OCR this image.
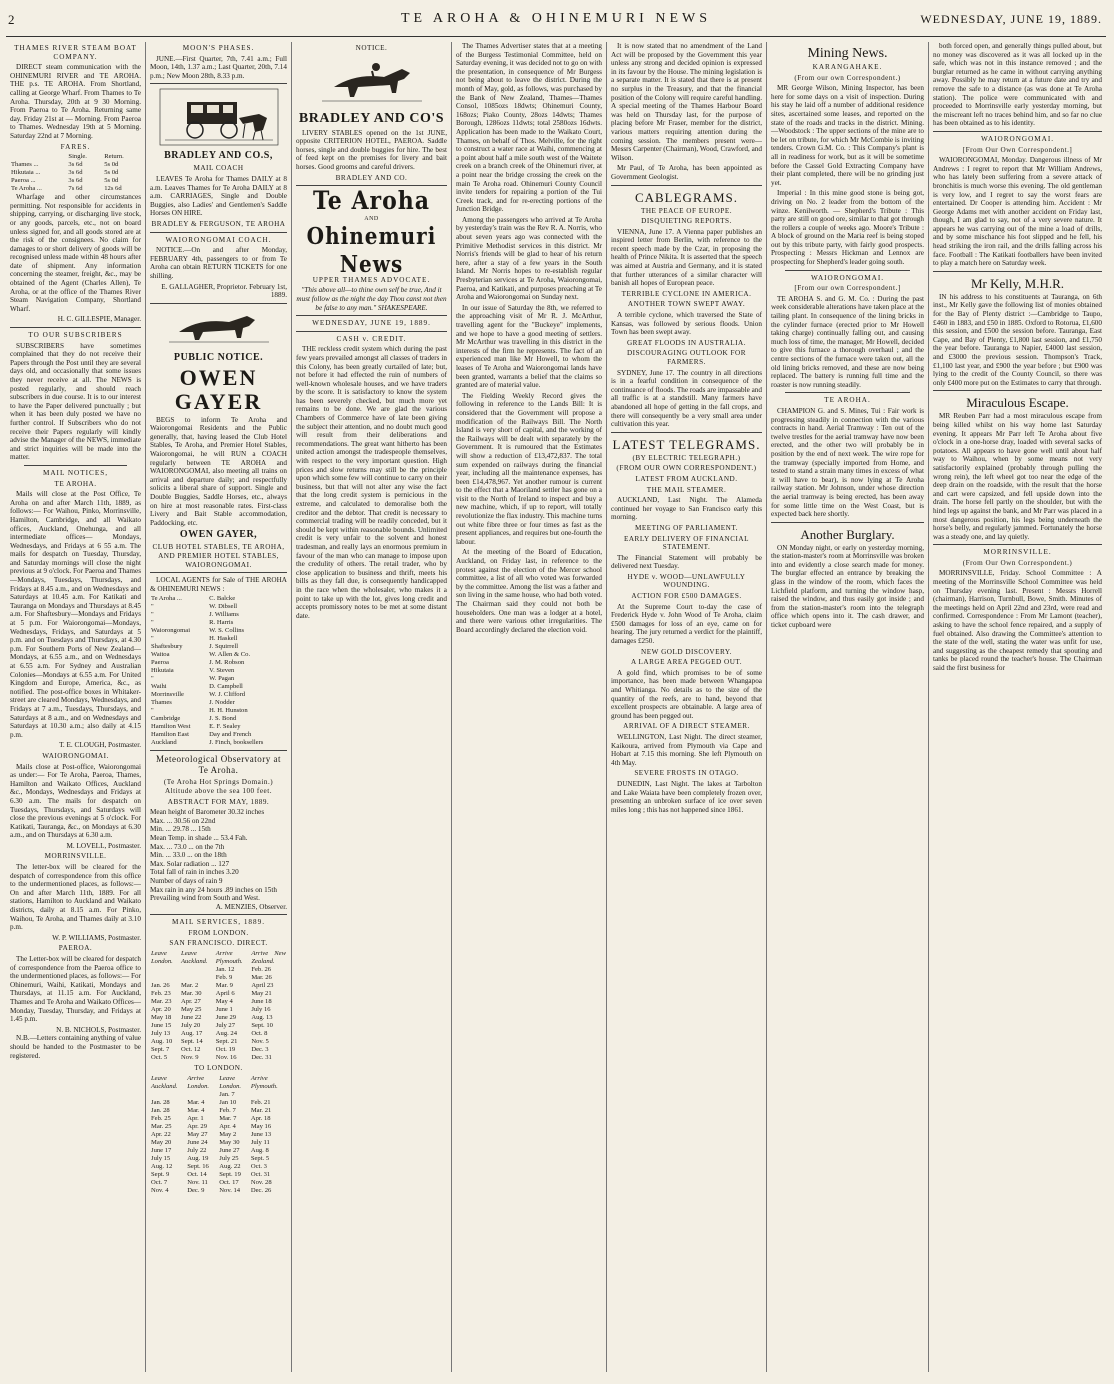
2	TE AROHA & OHINEMURI NEWS	WEDNESDAY, JUNE 19, 1889.
THAMES RIVER STEAM BOAT COMPANY.

DIRECT steam communication with the OHINEMURI RIVER and TE AROHA. THE p.s. TE AROHA. From Shortland, calling at George Wharf. From Thames to Te Aroha. Thursday, 20th at 9 30 Morning. From Paeroa to Te Aroha. Returning same day. Friday 21st at — Morning. From Paeroa to Thames. Wednesday 19th at 5 Morning. Saturday 22nd at 7 Morning.

FARES.
	Single.	Return.
Thames ...	3s 6d	5s 0d
Hikutaia ...	3s 6d	5s 0d
Paeroa ...	3s 6d	5s 0d
Te Aroha ...	7s 6d	12s 6d

Wharfage and other circumstances permitting. Not responsible for accidents in shipping, carrying, or discharging live stock, or any goods, parcels, etc., not on board unless signed for, and all goods stored are at the risk of the consignees. No claim for damages to or short delivery of goods will be recognised unless made within 48 hours after date of shipment. Any information concerning the steamer, freight, &c., may be obtained of the Agent (Charles Allen), Te Aroha, or at the office of the Thames River Steam Navigation Company, Shortland Wharf.

H. C. GILLESPIE, Manager.
TO OUR SUBSCRIBERS

SUBSCRIBERS have sometimes complained that they do not receive their Papers through the Post until they are several days old, and occasionally that some issues they never receive at all. The NEWS is posted regularly, and should reach subscribers in due course. It is to our interest to have the Paper delivered punctually ; but when it has been duly posted we have no further control. If Subscribers who do not receive their Papers regularly will kindly advise the Manager of the NEWS, immediate and strict inquiries will be made into the matter.

MAIL NOTICES,
TE AROHA.

Mails will close at the Post Office, Te Aroha on and after March 11th, 1889, as follows:— For Waihou, Pinko, Morrinsville, Hamilton, Cambridge, and all Waikato offices, Auckland, Onehunga, and all intermediate offices— Mondays, Wednesdays, and Fridays at 6 55 a.m. The mails for despatch on Tuesday, Thursday, and Saturday mornings will close the night previous at 9 o'clock. For Paeroa and Thames—Mondays, Tuesdays, Thursdays, and Fridays at 8.45 a.m., and on Wednesdays and Saturdays at 10.45 a.m. For Katikati and Tauranga on Mondays and Thursdays at 8.45 a.m. For Shaftesbury—Mondays and Fridays at 5 p.m. For Waiorongomai—Mondays, Wednesdays, Fridays, and Saturdays at 5 p.m. and on Tuesdays and Thursdays, at 4.30 p.m. For Southern Ports of New Zealand—Mondays, at 6.55 a.m., and on Wednesdays at 6.55 a.m. For Sydney and Australian Colonies—Mondays at 6.55 a.m. For United Kingdom and Europe, America, &c., as notified. The post-office boxes in Whitaker-street are cleared Mondays, Wednesdays, and Fridays at 7 a.m., Tuesdays, Thursdays, and Saturdays at 8 a.m., and on Wednesdays and Saturdays at 10.30 a.m.; also daily at 4.15 p.m.

T. E. CLOUGH, Postmaster.
WAIORONGOMAI.

Mails close at Post-office, Waiorongomai as under:— For Te Aroha, Paeroa, Thames, Hamilton and Waikato Offices, Auckland &c., Mondays, Wednesdays and Fridays at 6.30 a.m. The mails for despatch on Tuesdays, Thursdays, and Saturdays will close the previous evenings at 5 o'clock. For Katikati, Tauranga, &c., on Mondays at 6.30 a.m., and on Thursdays at 6.30 a.m.

M. LOVELL, Postmaster.
MORRINSVILLE.

The letter-box will be cleared for the despatch of correspondence from this office to the undermentioned places, as follows:— On and after March 11th, 1889. For all stations, Hamilton to Auckland and Waikato districts, daily at 8.15 a.m. For Pinko, Waihou, Te Aroha, and Thames daily at 3.10 p.m.

W. P. WILLIAMS, Postmaster.
PAEROA.

The Letter-box will be cleared for despatch of correspondence from the Paeroa office to the undermentioned places, as follows:— For Ohinemuri, Waihi, Katikati, Mondays and Thursdays, at 11.15 a.m. For Auckland, Thames and Te Aroha and Waikato Offices—Monday, Tuesday, Thursday, and Fridays at 1.45 p.m.

N. B. NICHOLS, Postmaster.

N.B.—Letters containing anything of value should be handed to the Postmaster to be registered.

MOON'S PHASES.

JUNE.—First Quarter, 7th, 7.41 a.m.; Full Moon, 14th, 1.37 a.m.; Last Quarter, 20th, 7.14 p.m.; New Moon 28th, 8.33 p.m.

BRADLEY AND CO.S,
MAIL COACH

LEAVES Te Aroha for Thames DAILY at 8 a.m. Leaves Thames for Te Aroha DAILY at 8 a.m. CARRIAGES, Single and Double Buggies, also Ladies' and Gentlemen's Saddle Horses ON HIRE.

BRADLEY & FERGUSON, TE AROHA
WAIORONGOMAI COACH.

NOTICE.—On and after Monday, FEBRUARY 4th, passengers to or from Te Aroha can obtain RETURN TICKETS for one shilling.

E. GALLAGHER, Proprietor. February 1st, 1889.
PUBLIC NOTICE.
OWEN GAYER

BEGS to inform Te Aroha and Waiorongomai Residents and the Public generally, that, having leased the Club Hotel Stables, Te Aroha, and Premier Hotel Stables, Waiorongomai, he will RUN a COACH regularly between TE AROHA and WAIORONGOMAI, also meeting all trains on arrival and departure daily; and respectfully solicits a liberal share of support. Single and Double Buggies, Saddle Horses, etc., always on hire at most reasonable rates. First-class Livery and Bait Stable accommodation, Paddocking, etc.

OWEN GAYER,
CLUB HOTEL STABLES, TE AROHA, AND PREMIER HOTEL STABLES, WAIORONGOMAI.

LOCAL AGENTS for Sale of THE AROHA & OHINEMURI NEWS :

Te Aroha ...	C. Balcke
"	W. Dibsell
"	J. Williams
"	R. Harris
Waiorongomai	W. S. Collins
"	H. Haskell
Shaftesbury	J. Squirrell
Waitoa	W. Allen & Co.
Paeroa	J. M. Robson
Hikutaia	V. Steven
"	W. Pagan
Waihi	D. Campbell
Morrinsville	W. J. Clifford
Thames	J. Nodder
"	H. H. Hunston
Cambridge	J. S. Bond
Hamilton West	E. F. Sealey
Hamilton East	Day and French
Auckland	J. Finch, booksellers
Meteorological Observatory at Te Aroha.
(Te Aroha Hot Springs Domain.) Altitude above the sea 100 feet.
ABSTRACT FOR MAY, 1889.
Mean height of Barometer 30.32 inches
Max. ... 30.56 on 22nd
Min. ... 29.78 ... 15th
Mean Temp. in shade ... 53.4 Fah.
Max. ... 73.0 ... on the 7th
Min. ... 33.0 ... on the 18th
Max. Solar radiation ... 127
Total fall of rain in inches 3.20
Number of days of rain 9
Max rain in any 24 hours .89 inches on 15th
Prevailing wind from South and West.
A. MENZIES, Observer.
MAIL SERVICES, 1889.
FROM LONDON.
SAN FRANCISCO. DIRECT.
Leave London.	Leave Auckland.	Arrive Plymouth.	Arrive New Zealand.
		Jan. 12	Feb. 26
		Feb. 9	Mar. 26
Jan. 26	Mar. 2	Mar. 9	April 23
Feb. 23	Mar. 30	April 6	May 21
Mar. 23	Apr. 27	May 4	June 18
Apr. 20	May 25	June 1	July 16
May 18	June 22	June 29	Aug. 13
June 15	July 20	July 27	Sept. 10
July 13	Aug. 17	Aug. 24	Oct. 8
Aug. 10	Sept. 14	Sept. 21	Nov. 5
Sept. 7	Oct. 12	Oct. 19	Dec. 3
Oct. 5	Nov. 9	Nov. 16	Dec. 31
TO LONDON.
Leave Auckland.	Arrive London.	Leave London.	Arrive Plymouth.
		Jan. 7	
Jan. 28	Mar. 4	Jan 10	Feb. 21
Jan. 28	Mar. 4	Feb. 7	Mar. 21
Feb. 25	Apr. 1	Mar. 7	Apr. 18
Mar. 25	Apr. 29	Apr. 4	May 16
Apr. 22	May 27	May 2	June 13
May 20	June 24	May 30	July 11
June 17	July 22	June 27	Aug. 8
July 15	Aug. 19	July 25	Sept. 5
Aug. 12	Sept. 16	Aug. 22	Oct. 3
Sept. 9	Oct. 14	Sept. 19	Oct. 31
Oct. 7	Nov. 11	Oct. 17	Nov. 28
Nov. 4	Dec. 9	Nov. 14	Dec. 26
NOTICE.
BRADLEY AND CO'S

LIVERY STABLES opened on the 1st JUNE, opposite CRITERION HOTEL, PAEROA. Saddle horses, single and double buggies for hire. The best of feed kept on the premises for livery and bait horses. Good grooms and careful drivers.

BRADLEY AND CO.
Te Aroha
AND
Ohinemuri News
UPPER THAMES ADVOCATE.
"This above all—to thine own self be true, And it must follow as the night the day Thou canst not then be false to any man." SHAKESPEARE.
WEDNESDAY, JUNE 19, 1889.
CASH v. CREDIT.

THE reckless credit system which during the past few years prevailed amongst all classes of traders in this Colony, has been greatly curtailed of late; but, not before it had effected the ruin of numbers of well-known wholesale houses, and we have traders by the score. It is satisfactory to know the system has been severely checked, but much more yet remains to be done. We are glad the various Chambers of Commerce have of late been giving the subject their attention, and no doubt much good will result from their deliberations and recommendations. The great want hitherto has been united action amongst the tradespeople themselves, with respect to the very important question. High prices and slow returns may still be the principle upon which some few will continue to carry on their business, but that will not alter any wise the fact that the long credit system is pernicious in the extreme, and calculated to demoralise both the creditor and the debtor. That credit is necessary to commercial trading will be readily conceded, but it should be kept within reasonable bounds. Unlimited credit is very unfair to the solvent and honest tradesman, and really lays an enormous premium in favour of the man who can manage to impose upon the credulity of others. The retail trader, who by close application to business and thrift, meets his bills as they fall due, is consequently handicapped in the race when the wholesaler, who makes it a point to take up with the lot, gives long credit and accepts promissory notes to be met at some distant date.

The Thames Advertiser states that at a meeting of the Burgess Testimonial Committee, held on Saturday evening, it was decided not to go on with the presentation, in consequence of Mr Burgess not being about to leave the district. During the month of May, gold, as follows, was purchased by the Bank of New Zealand, Thames—Thames Consol, 1085ozs 18dwts; Ohinemuri County, 168ozs; Piako County, 28ozs 14dwts; Thames Borough, 1286ozs 11dwts; total 2580ozs 16dwts. Application has been made to the Waikato Court, Thames, on behalf of Thos. Melville, for the right to construct a water race at Waihi, commencing at a point about half a mile south west of the Waitete creek on a branch creek of the Ohinemuri river, at a point near the bridge crossing the creek on the main Te Aroha road. Ohinemuri County Council invite tenders for repairing a portion of the Tui Creek track, and for re-erecting portions of the Junction Bridge.

Among the passengers who arrived at Te Aroha by yesterday's train was the Rev R. A. Norris, who about seven years ago was connected with the Primitive Methodist services in this district. Mr Norris's friends will be glad to hear of his return here, after a stay of a few years in the South Island. Mr Norris hopes to re-establish regular Presbyterian services at Te Aroha, Waiorongomai, Paeroa, and Katikati, and purposes preaching at Te Aroha and Waiorongomai on Sunday next.

In our issue of Saturday the 8th, we referred to the approaching visit of Mr R. J. McArthur, travelling agent for the "Buckeye" implements, and we hope to have a good meeting of settlers. Mr McArthur was travelling in this district in the interests of the firm he represents. The fact of an experienced man like Mr Howell, to whom the leases of Te Aroha and Waiorongomai lands have been granted, warrants a belief that the claims so granted are of material value.

The Fielding Weekly Record gives the following in reference to the Lands Bill: It is considered that the Government will propose a modification of the Railways Bill. The North Island is very short of capital, and the working of the Railways will be dealt with separately by the Government. It is rumoured that the Estimates will show a reduction of £13,472,837. The total sum expended on railways during the financial year, including all the maintenance expenses, has been £14,478,967. Yet another rumour is current to the effect that a Maoriland settler has gone on a visit to the North of Ireland to inspect and buy a new machine, which, if up to report, will totally revolutionize the flax industry. This machine turns out white fibre three or four times as fast as the present appliances, and requires but one-fourth the labour.

At the meeting of the Board of Education, Auckland, on Friday last, in reference to the protest against the election of the Mercer school committee, a list of all who voted was forwarded by the committee. Among the list was a father and son living in the same house, who had both voted. The Chairman said they could not both be householders. One man was a lodger at a hotel, and there were various other irregularities. The Board accordingly declared the election void.

It is now stated that no amendment of the Land Act will be proposed by the Government this year unless any strong and decided opinion is expressed in its favour by the House. The mining legislation is a separate matter. It is stated that there is at present no surplus in the Treasury, and that the financial position of the Colony will require careful handling. A special meeting of the Thames Harbour Board was held on Thursday last, for the purpose of placing before Mr Fraser, member for the district, various matters requiring attention during the coming session. The members present were—Messrs Carpenter (Chairman), Wood, Crawford, and Wilson.

Mr Paul, of Te Aroha, has been appointed as Government Geologist.

CABLEGRAMS.
THE PEACE OF EUROPE.
DISQUIETING REPORTS.

VIENNA, June 17. A Vienna paper publishes an inspired letter from Berlin, with reference to the recent speech made by the Czar, in proposing the health of Prince Nikita. It is asserted that the speech was aimed at Austria and Germany, and it is stated that further utterances of a similar character will banish all hopes of European peace.

TERRIBLE CYCLONE IN AMERICA.
ANOTHER TOWN SWEPT AWAY.

A terrible cyclone, which traversed the State of Kansas, was followed by serious floods. Union Town has been swept away.

GREAT FLOODS IN AUSTRALIA.
DISCOURAGING OUTLOOK FOR FARMERS.

SYDNEY, June 17. The country in all directions is in a fearful condition in consequence of the continuance of floods. The roads are impassable and all traffic is at a standstill. Many farmers have abandoned all hope of getting in the fall crops, and there will consequently be a very small area under cultivation this year.

LATEST TELEGRAMS.
(BY ELECTRIC TELEGRAPH.)
(FROM OUR OWN CORRESPONDENT.)
LATEST FROM AUCKLAND.
THE MAIL STEAMER.

AUCKLAND, Last Night. The Alameda continued her voyage to San Francisco early this morning.

MEETING OF PARLIAMENT.
EARLY DELIVERY OF FINANCIAL STATEMENT.

The Financial Statement will probably be delivered next Tuesday.

HYDE v. WOOD—UNLAWFULLY WOUNDING.
ACTION FOR £500 DAMAGES.

At the Supreme Court to-day the case of Frederick Hyde v. John Wood of Te Aroha, claim £500 damages for loss of an eye, came on for hearing. The jury returned a verdict for the plaintiff, damages £250.

NEW GOLD DISCOVERY.
A LARGE AREA PEGGED OUT.

A gold find, which promises to be of some importance, has been made between Whangapoa and Whitianga. No details as to the size of the quantity of the reefs, are to hand, beyond that excellent prospects are obtainable. A large area of ground has been pegged out.

ARRIVAL OF A DIRECT STEAMER.

WELLINGTON, Last Night. The direct steamer, Kaikoura, arrived from Plymouth via Cape and Hobart at 7.15 this morning. She left Plymouth on 4th May.

SEVERE FROSTS IN OTAGO.

DUNEDIN, Last Night. The lakes at Tarbolton and Lake Waiata have been completely frozen over, presenting an unbroken surface of ice over seven miles long ; this has not happened since 1861.

Mining News.
KARANGAHAKE.
(From our own Correspondent.)

MR George Wilson, Mining Inspector, has been here for some days on a visit of inspection. During his stay he laid off a number of additional residence sites, ascertained some leases, and reported on the state of the roads and tracks in the district. Mining.—Woodstock : The upper sections of the mine are to be let on tribute, for which Mr McCombie is inviting tenders. Crown G.M. Co. : This Company's plant is all in readiness for work, but as it will be sometime before the Cassel Gold Extracting Company have their plant completed, there will be no grinding just yet.

Imperial : In this mine good stone is being got, driving on No. 2 leader from the bottom of the winze. Kenilworth. — Shepherd's Tribute : This party are still on good ore, similar to that got through the rollers a couple of weeks ago. Moore's Tribute : A block of ground on the Maria reef is being stoped out by this tribute party, with fairly good prospects. Prospecting : Messrs Hickman and Lennox are prospecting for Shepherd's leader going south.

WAIORONGOMAI.
[From our own Correspondent.]

TE AROHA S. and G. M. Co. : During the past week considerable alterations have taken place at the tailing plant. In consequence of the lining bricks in the cylinder furnace (erected prior to Mr Howell taking charge) continually falling out, and causing much loss of time, the manager, Mr Howell, decided to give this furnace a thorough overhaul ; and the centre sections of the furnace were taken out, all the old lining bricks removed, and these are now being replaced. The battery is running full time and the roaster is now running steadily.

TE AROHA.

CHAMPION G. and S. Mines, Tui : Fair work is progressing steadily in connection with the various contracts in hand. Aerial Tramway : Ten out of the twelve trestles for the aerial tramway have now been erected, and the other two will probably be in position by the end of next week. The wire rope for the tramway (specially imported from Home, and tested to stand a strain many times in excess of what it will have to bear), is now lying at Te Aroha railway station. Mr Johnson, under whose direction the aerial tramway is being erected, has been away for some little time on the West Coast, but is expected back here shortly.

Another Burglary.

ON Monday night, or early on yesterday morning, the station-master's room at Morrinsville was broken into and evidently a close search made for money. The burglar effected an entrance by breaking the glass in the window of the room, which faces the Lichfield platform, and turning the window hasp, raised the window, and thus easily got inside ; and from the station-master's room into the telegraph office which opens into it. The cash drawer, and ticket cupboard were

both forced open, and generally things pulled about, but no money was discovered as it was all locked up in the safe, which was not in this instance removed ; and the burglar returned as he came in without carrying anything away. Possibly he may return at a future date and try and remove the safe to a distance (as was done at Te Aroha station). The police were communicated with and proceeded to Morrinsville early yesterday morning, but the miscreant left no traces behind him, and so far no clue has been obtained as to his identity.

WAIORONGOMAI.
[From Our Own Correspondent.]

WAIORONGOMAI, Monday. Dangerous illness of Mr Andrews : I regret to report that Mr William Andrews, who has lately been suffering from a severe attack of bronchitis is much worse this evening. The old gentleman is very low, and I regret to say the worst fears are entertained. Dr Cooper is attending him. Accident : Mr George Adams met with another accident on Friday last, though, I am glad to say, not of a very severe nature. It appears he was carrying out of the mine a load of drills, and by some mischance his foot slipped and he fell, his head striking the iron rail, and the drills falling across his face. Football : The Katikati footballers have been invited to play a match here on Saturday week.

Mr Kelly, M.H.R.

IN his address to his constituents at Tauranga, on 6th inst., Mr Kelly gave the following list of monies obtained for the Bay of Plenty district :—Cambridge to Taupo, £460 in 1883, and £50 in 1885. Oxford to Rotorua, £1,600 this session, and £500 the session before. Tauranga, East Cape, and Bay of Plenty, £1,800 last session, and £1,750 the year before. Tauranga to Napier, £4000 last session, and £3000 the previous session. Thompson's Track, £1,100 last year, and £900 the year before ; but £900 was lying to the credit of the County Council, so there was only £400 more put on the Estimates to carry that through.

Miraculous Escape.

MR Reuben Parr had a most miraculous escape from being killed whilst on his way home last Saturday evening. It appears Mr Parr left Te Aroha about five o'clock in a one-horse dray, loaded with several sacks of potatoes. All appears to have gone well until about half way to Waihou, when by some means not very satisfactorily explained (probably through pulling the wrong rein), the left wheel got too near the edge of the deep drain on the roadside, with the result that the horse and cart were capsized, and fell upside down into the drain. The horse fell partly on the shoulder, but with the hind legs up against the bank, and Mr Parr was placed in a most dangerous position, his legs being underneath the horse's belly, and regularly jammed. Fortunately the horse was a steady one, and lay quietly.

MORRINSVILLE.
(From Our Own Correspondent.)

MORRINSVILLE, Friday. School Committee : A meeting of the Morrinsville School Committee was held on Thursday evening last. Present : Messrs Horrell (chairman), Harrison, Turnbull, Bowe, Smith. Minutes of the meetings held on April 22nd and 23rd, were read and confirmed. Correspondence : From Mr Lamont (teacher), asking to have the school fence repaired, and a supply of fuel obtained. Also drawing the Committee's attention to the state of the well, stating the water was unfit for use, and suggesting as the cheapest remedy that spouting and tanks be placed round the teacher's house. The Chairman said the first business for
